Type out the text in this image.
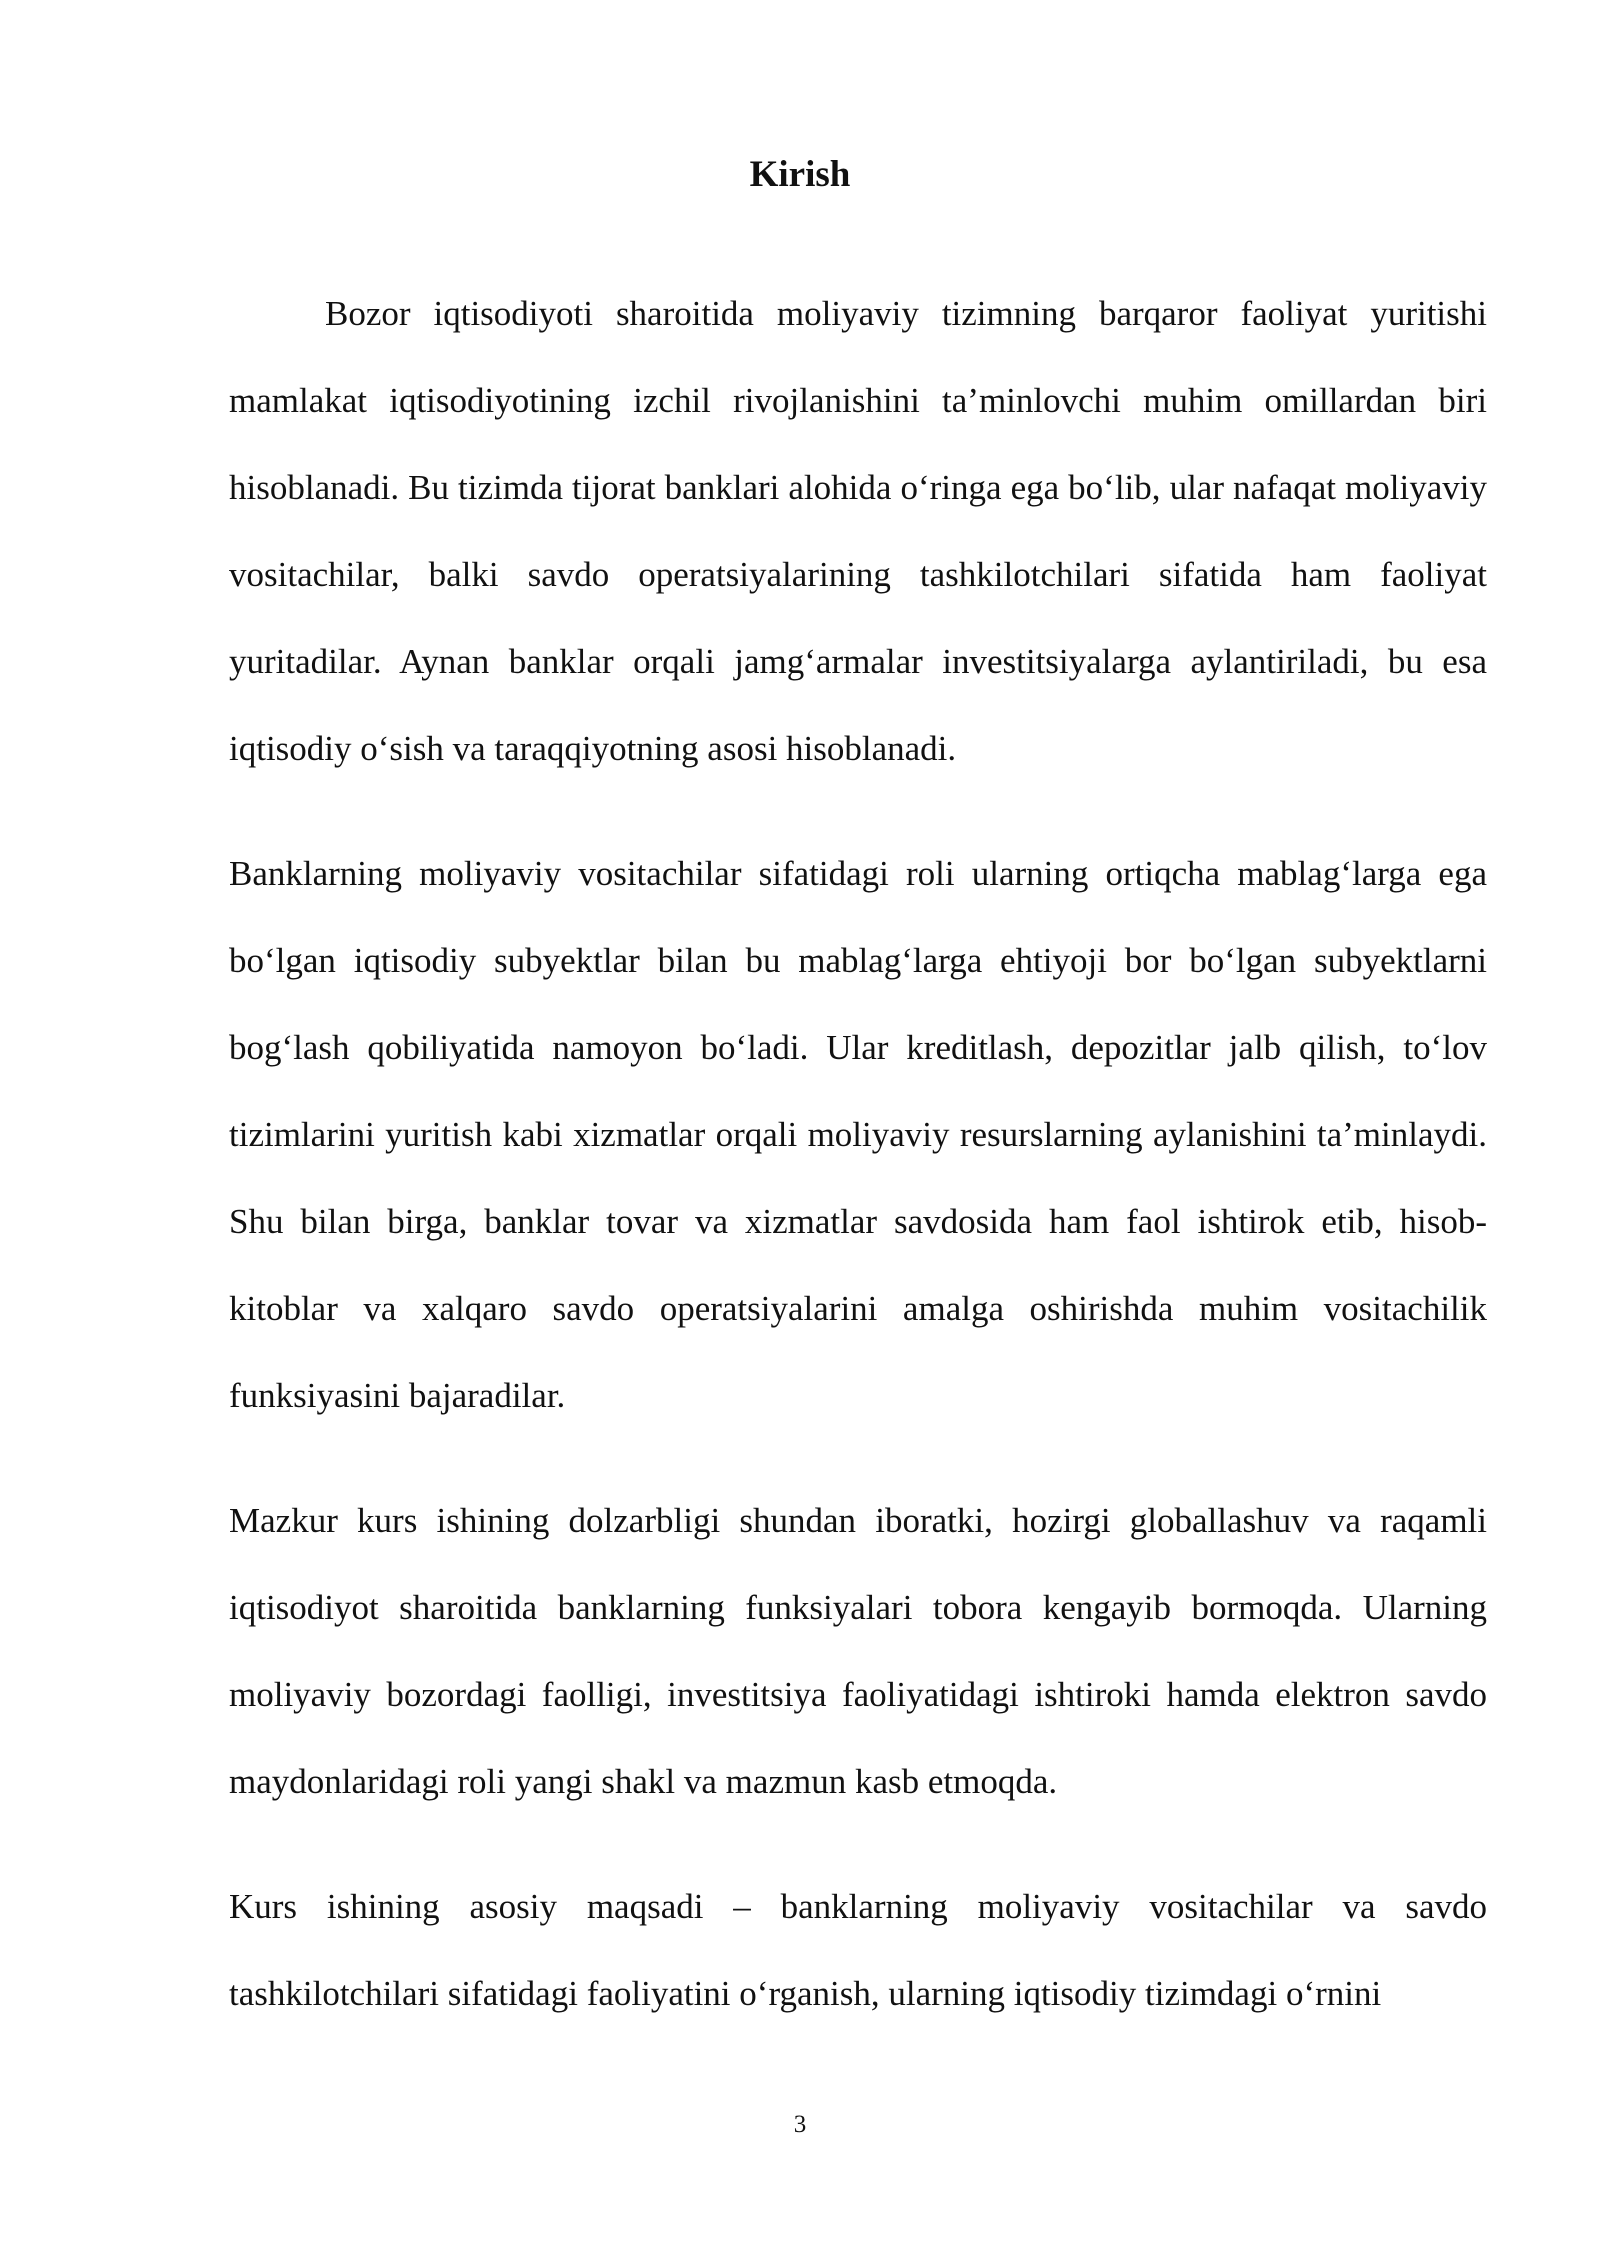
Kirish

Bozor iqtisodiyoti sharoitida moliyaviy tizimning barqaror faoliyat yuritishi mamlakat iqtisodiyotining izchil rivojlanishini ta’minlovchi muhim omillardan biri hisoblanadi. Bu tizimda tijorat banklari alohida o‘ringa ega bo‘lib, ular nafaqat moliyaviy vositachilar, balki savdo operatsiyalarining tashkilotchilari sifatida ham faoliyat yuritadilar. Aynan banklar orqali jamg‘armalar investitsiyalarga aylantiriladi, bu esa iqtisodiy o‘sish va taraqqiyotning asosi hisoblanadi.

Banklarning moliyaviy vositachilar sifatidagi roli ularning ortiqcha mablag‘larga ega bo‘lgan iqtisodiy subyektlar bilan bu mablag‘larga ehtiyoji bor bo‘lgan subyektlarni bog‘lash qobiliyatida namoyon bo‘ladi. Ular kreditlash, depozitlar jalb qilish, to‘lov tizimlarini yuritish kabi xizmatlar orqali moliyaviy resurslarning aylanishini ta’minlaydi. Shu bilan birga, banklar tovar va xizmatlar savdosida ham faol ishtirok etib, hisob-kitoblar va xalqaro savdo operatsiyalarini amalga oshirishda muhim vositachilik funksiyasini bajaradilar.

Mazkur kurs ishining dolzarbligi shundan iboratki, hozirgi globallashuv va raqamli iqtisodiyot sharoitida banklarning funksiyalari tobora kengayib bormoqda. Ularning moliyaviy bozordagi faolligi, investitsiya faoliyatidagi ishtiroki hamda elektron savdo maydonlaridagi roli yangi shakl va mazmun kasb etmoqda.

Kurs ishining asosiy maqsadi – banklarning moliyaviy vositachilar va savdo tashkilotchilari sifatidagi faoliyatini o‘rganish, ularning iqtisodiy tizimdagi o‘rnini

3
